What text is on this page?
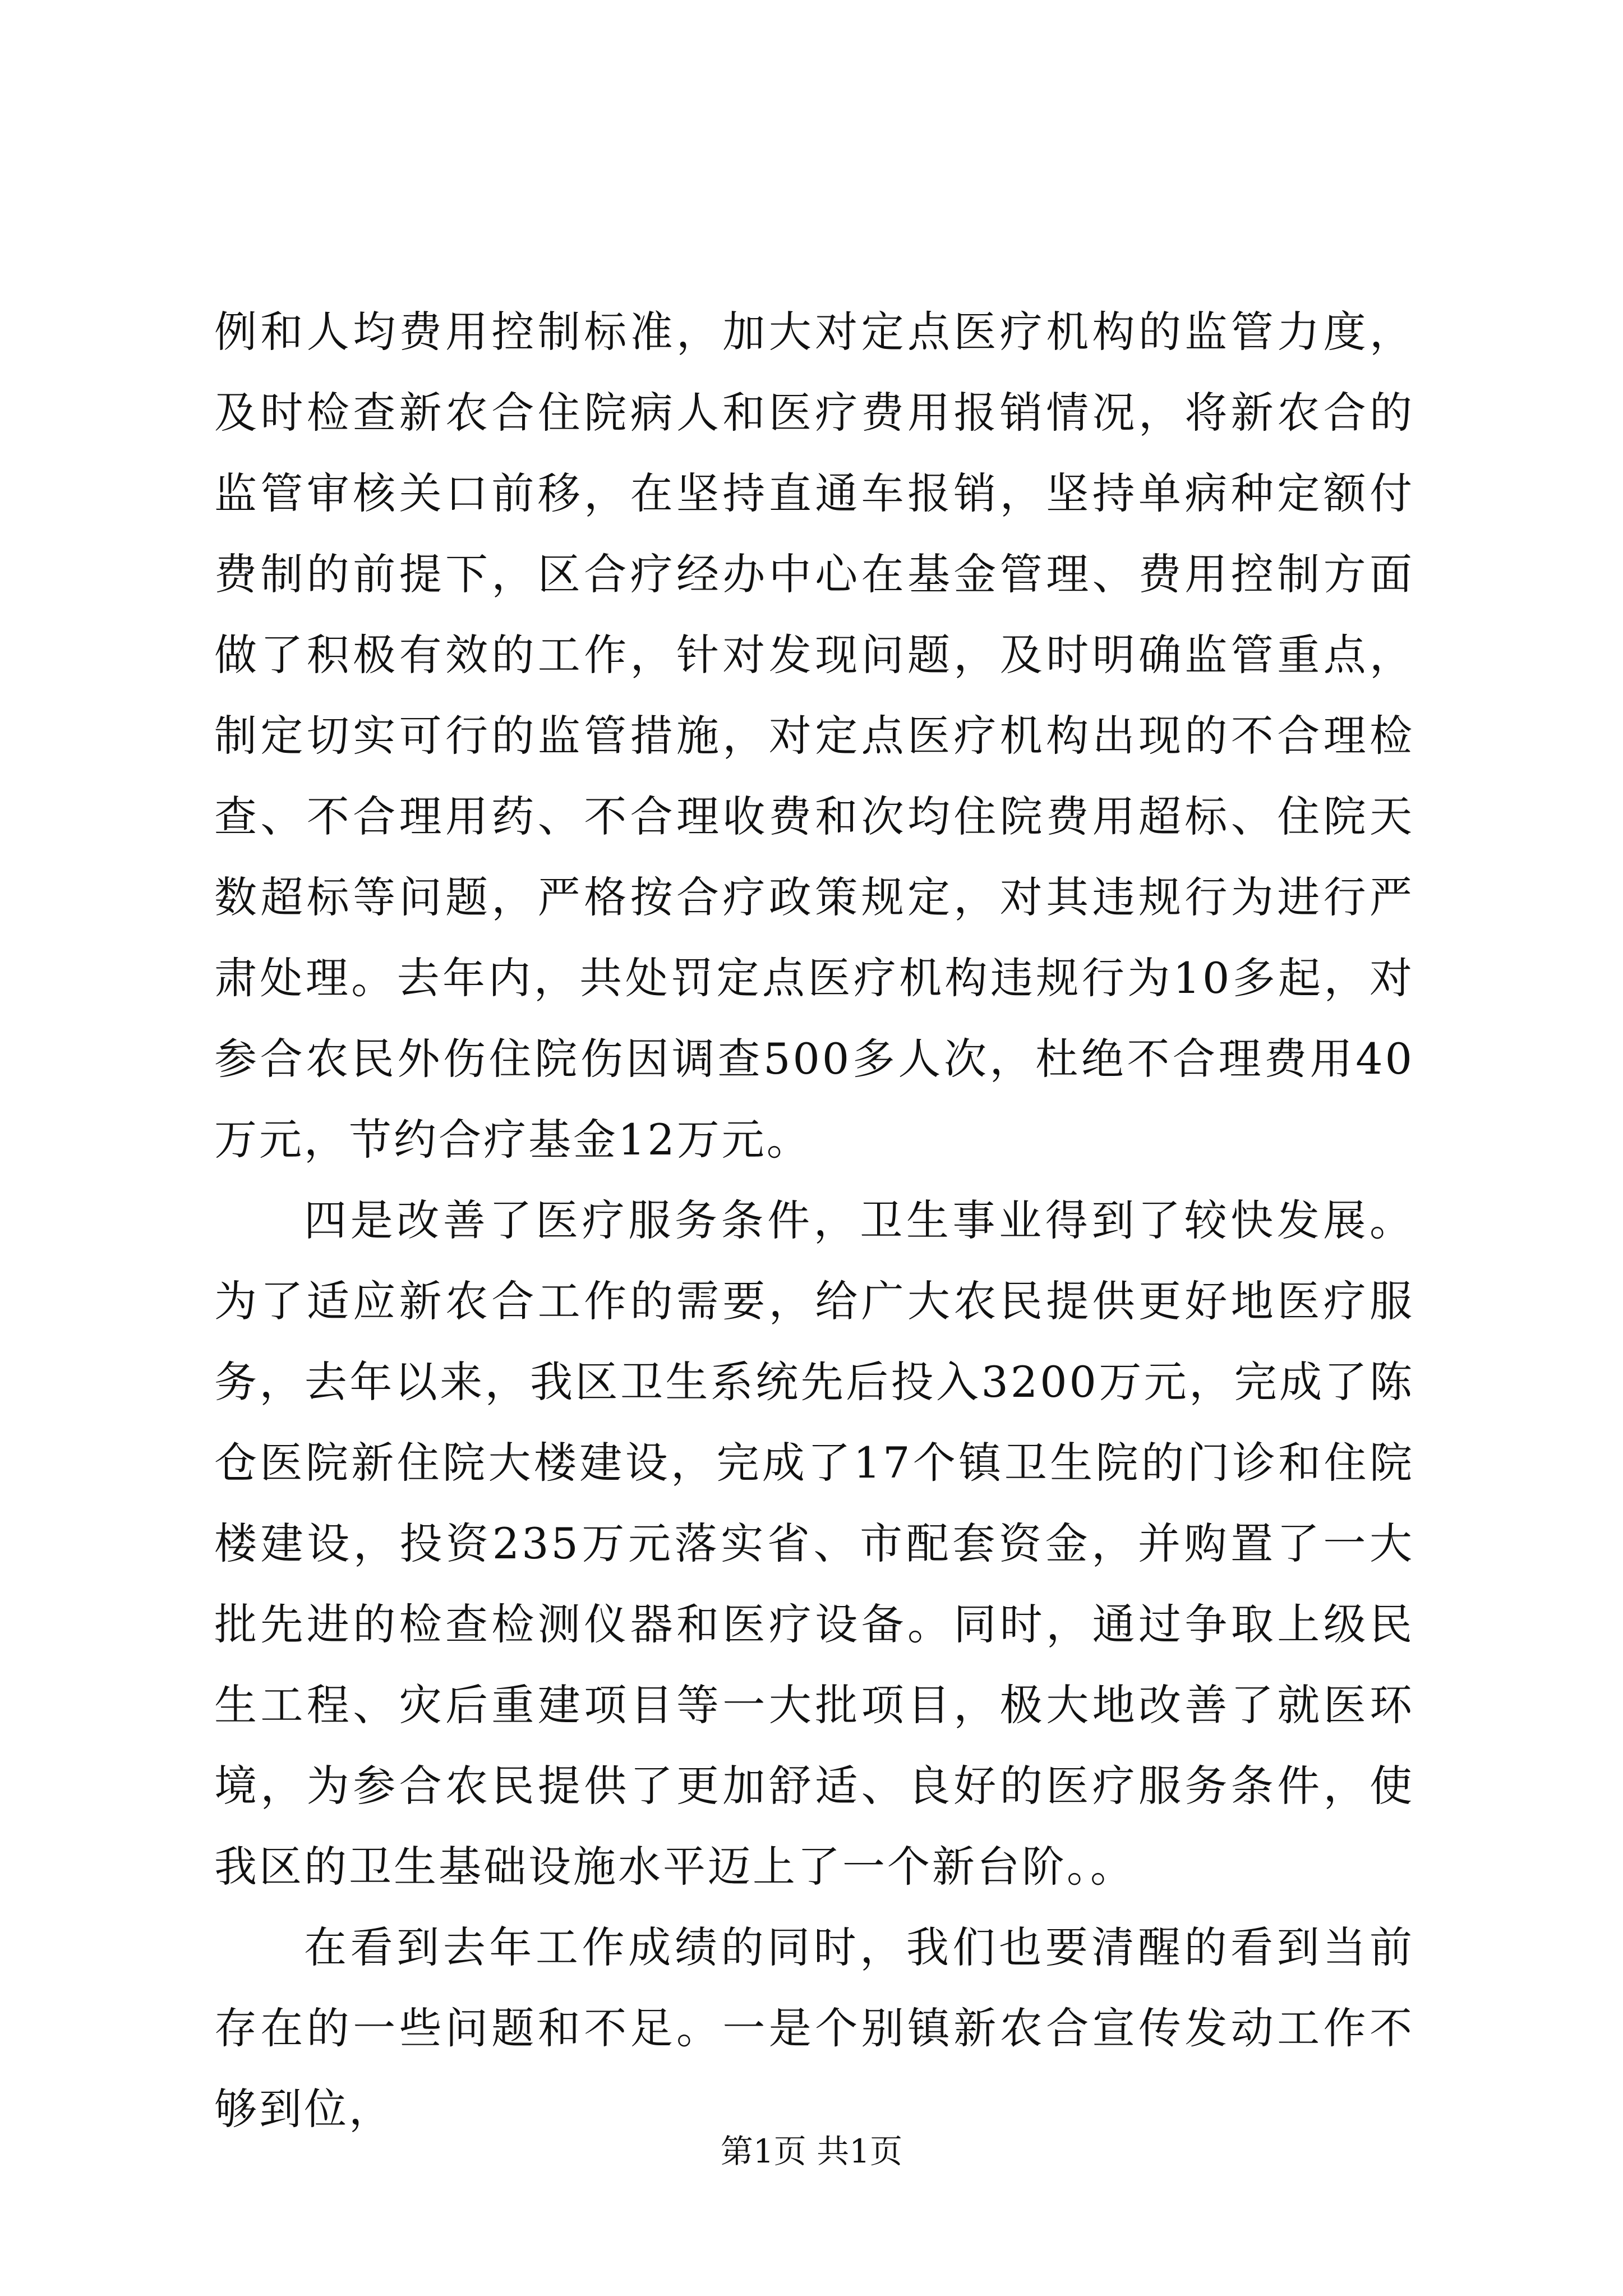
例和人均费用控制标准，加大对定点医疗机构的监管力度，及时检查新农合住院病人和医疗费用报销情况，将新农合的监管审核关口前移，在坚持直通车报销，坚持单病种定额付费制的前提下，区合疗经办中心在基金管理、费用控制方面做了积极有效的工作，针对发现问题，及时明确监管重点，制定切实可行的监管措施，对定点医疗机构出现的不合理检查、不合理用药、不合理收费和次均住院费用超标、住院天数超标等问题，严格按合疗政策规定，对其违规行为进行严肃处理。去年内，共处罚定点医疗机构违规行为10多起，对参合农民外伤住院伤因调查500多人次，杜绝不合理费用40万元，节约合疗基金12万元。

四是改善了医疗服务条件，卫生事业得到了较快发展。为了适应新农合工作的需要，给广大农民提供更好地医疗服务，去年以来，我区卫生系统先后投入3200万元，完成了陈仓医院新住院大楼建设，完成了17个镇卫生院的门诊和住院楼建设，投资235万元落实省、市配套资金，并购置了一大批先进的检查检测仪器和医疗设备。同时，通过争取上级民生工程、灾后重建项目等一大批项目，极大地改善了就医环境，为参合农民提供了更加舒适、良好的医疗服务条件，使我区的卫生基础设施水平迈上了一个新台阶。。

在看到去年工作成绩的同时，我们也要清醒的看到当前存在的一些问题和不足。一是个别镇新农合宣传发动工作不够到位，

第1页 共1页
